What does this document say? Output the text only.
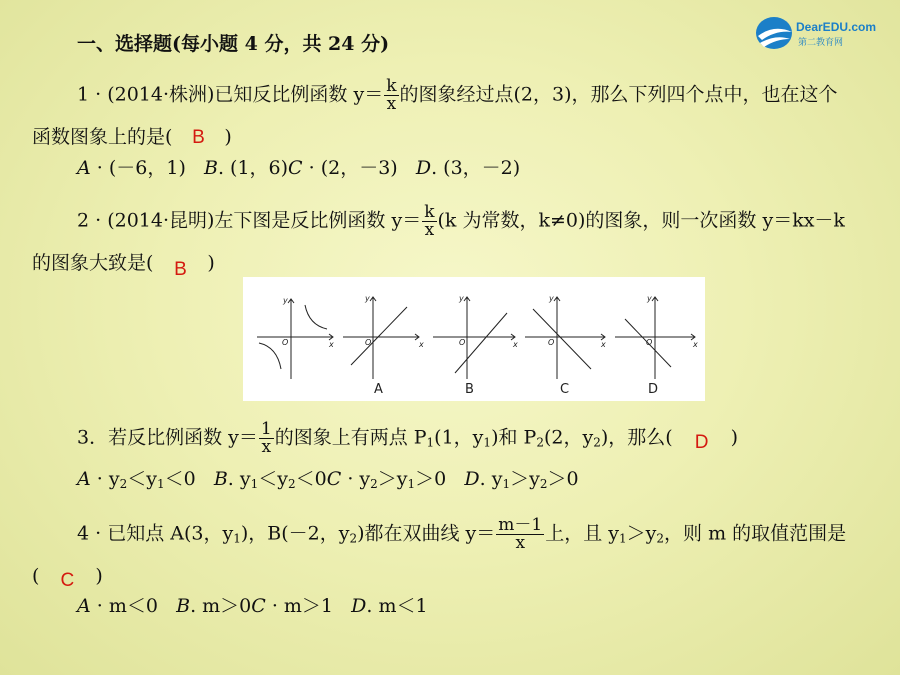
DearEDU.com
第二教育网
一、选择题(每小题 4 分，共 24 分)
1 · (2014·株洲)已知反比例函数 $y= \frac{k}{x}$ 的图象经过点(2，3)，那么下列四个点中，也在这个
函数图象上的是( B )
A · (－6，1) B. (1，6)C · (2，－3) D. (3，－2)
2 · (2014·昆明)左下图是反比例函数 $y= \frac{k}{x} (k$ 为常数，k≠0)的图象，则一次函数 y＝kx－k
的图象大致是( B )
y
x
O
y
x
O
y
x
O
y
x
O
y
x
O
A	B	C	D
3．若反比例函数 $y= \frac{1}{x}$ 的图象上有两点 $P_1(1$，$y_1$)和 $P_2(2$，$y_2$)，那么( D )
$A \cdot y_2<y_1<0$ B. $y_1<y_2<0C \cdot y_2>y_1>0$ D. $y_1>y_2>0$
4 · 已知点 A(3，$y_1$)，B(－2，$y_2$)都在双曲线 $y= \frac{m-1}{x}$ 上，且 $y_1>y_2$，则 m 的取值范围是
( C )
A · m＜0 B. m＞0C · m＞1 D. m＜1
